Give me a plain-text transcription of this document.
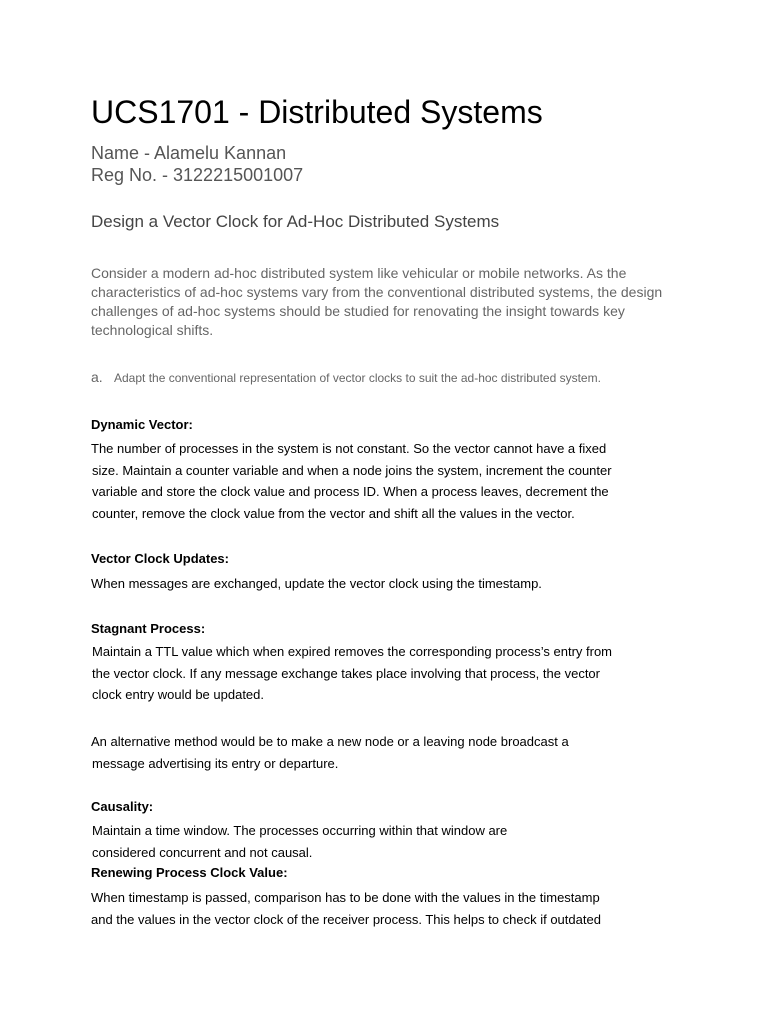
UCS1701 - Distributed Systems
Name - Alamelu Kannan
Reg No. - 3122215001007
Design a Vector Clock for Ad-Hoc Distributed Systems

Consider a modern ad-hoc distributed system like vehicular or mobile networks. As the characteristics of ad-hoc systems vary from the conventional distributed systems, the design challenges of ad-hoc systems should be studied for renovating the insight towards key technological shifts.

a. Adapt the conventional representation of vector clocks to suit the ad-hoc distributed system.
Dynamic Vector:
The number of processes in the system is not constant. So the vector cannot have a fixed
size. Maintain a counter variable and when a node joins the system, increment the counter
variable and store the clock value and process ID. When a process leaves, decrement the
counter, remove the clock value from the vector and shift all the values in the vector.
Vector Clock Updates:
When messages are exchanged, update the vector clock using the timestamp.
Stagnant Process:
Maintain a TTL value which when expired removes the corresponding process’s entry from
the vector clock. If any message exchange takes place involving that process, the vector
clock entry would be updated.
An alternative method would be to make a new node or a leaving node broadcast a
message advertising its entry or departure.
Causality:
Maintain a time window. The processes occurring within that window are
considered concurrent and not causal.
Renewing Process Clock Value:
When timestamp is passed, comparison has to be done with the values in the timestamp
and the values in the vector clock of the receiver process. This helps to check if outdated
